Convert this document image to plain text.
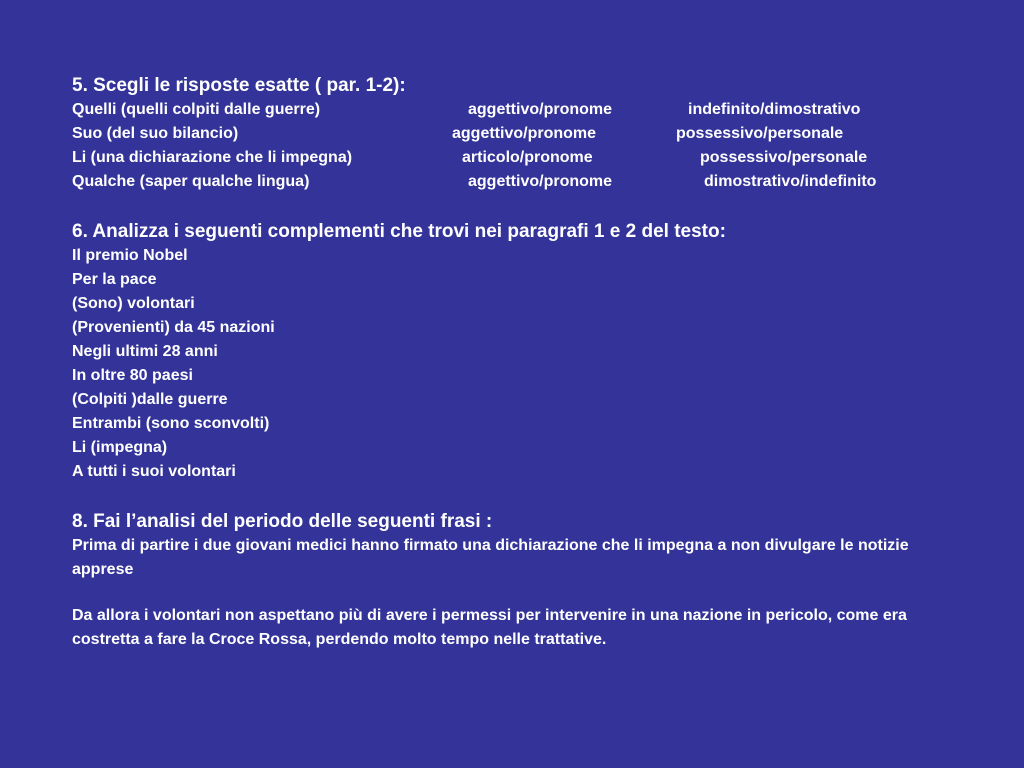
5. Scegli le risposte esatte ( par. 1-2):
Quelli (quelli colpiti dalle guerre)	aggettivo/pronome	indefinito/dimostrativo
Suo (del suo bilancio)	aggettivo/pronome	possessivo/personale
Li (una dichiarazione che li impegna)	articolo/pronome	possessivo/personale
Qualche (saper qualche lingua)	aggettivo/pronome	dimostrativo/indefinito
6. Analizza i seguenti complementi che trovi nei paragrafi 1 e 2 del testo:
Il premio Nobel
Per la pace
(Sono) volontari
(Provenienti) da 45 nazioni
Negli ultimi 28 anni
In oltre 80 paesi
(Colpiti )dalle guerre
Entrambi (sono sconvolti)
Li (impegna)
A tutti i suoi volontari
8. Fai l’analisi del periodo delle seguenti frasi :
Prima di partire i due giovani medici hanno firmato una dichiarazione che li impegna a non divulgare le notizie apprese
Da allora i volontari non aspettano più di avere i permessi per intervenire in una nazione in pericolo, come era costretta a fare la Croce Rossa, perdendo molto tempo nelle trattative.
